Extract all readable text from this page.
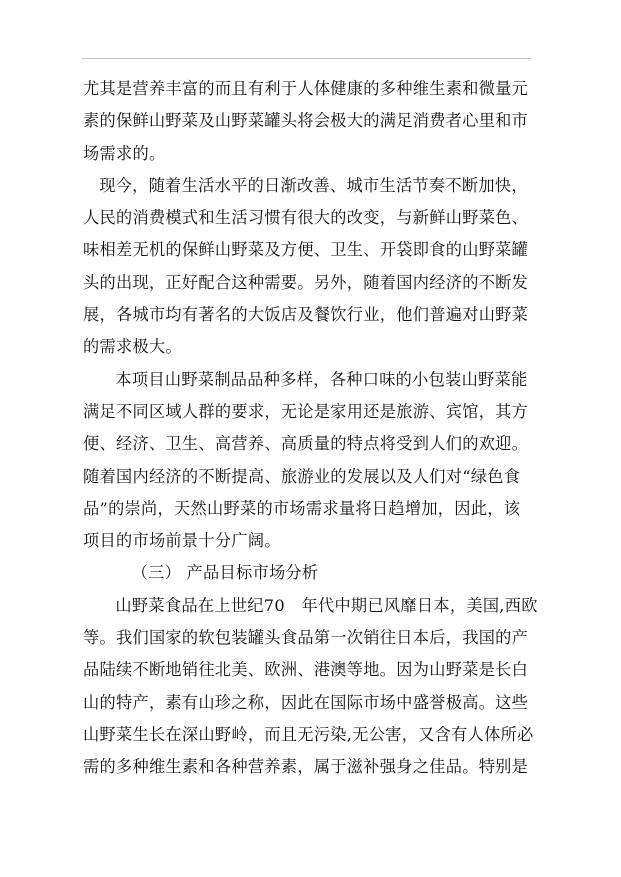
尤其是营养丰富的而且有利于人体健康的多种维生素和微量元
素的保鲜山野菜及山野菜罐头将会极大的满足消费者心里和市
场需求的。
现今，随着生活水平的日渐改善、城市生活节奏不断加快，
人民的消费模式和生活习惯有很大的改变，与新鲜山野菜色、
味相差无机的保鲜山野菜及方便、卫生、开袋即食的山野菜罐
头的出现，正好配合这种需要。另外，随着国内经济的不断发
展，各城市均有著名的大饭店及餐饮行业，他们普遍对山野菜
的需求极大。
本项目山野菜制品品种多样，各种口味的小包装山野菜能
满足不同区域人群的要求，无论是家用还是旅游、宾馆，其方
便、经济、卫生、高营养、高质量的特点将受到人们的欢迎。
随着国内经济的不断提高、旅游业的发展以及人们对“绿色食
品”的崇尚，天然山野菜的市场需求量将日趋增加，因此，该
项目的市场前景十分广阔。
（三） 产品目标市场分析
山野菜食品在上世纪70　年代中期已风靡日本，美国,西欧
等。我们国家的软包装罐头食品第一次销往日本后，我国的产
品陆续不断地销往北美、欧洲、港澳等地。因为山野菜是长白
山的特产，素有山珍之称，因此在国际市场中盛誉极高。这些
山野菜生长在深山野岭，而且无污染,无公害，又含有人体所必
需的多种维生素和各种营养素，属于滋补强身之佳品。特别是
